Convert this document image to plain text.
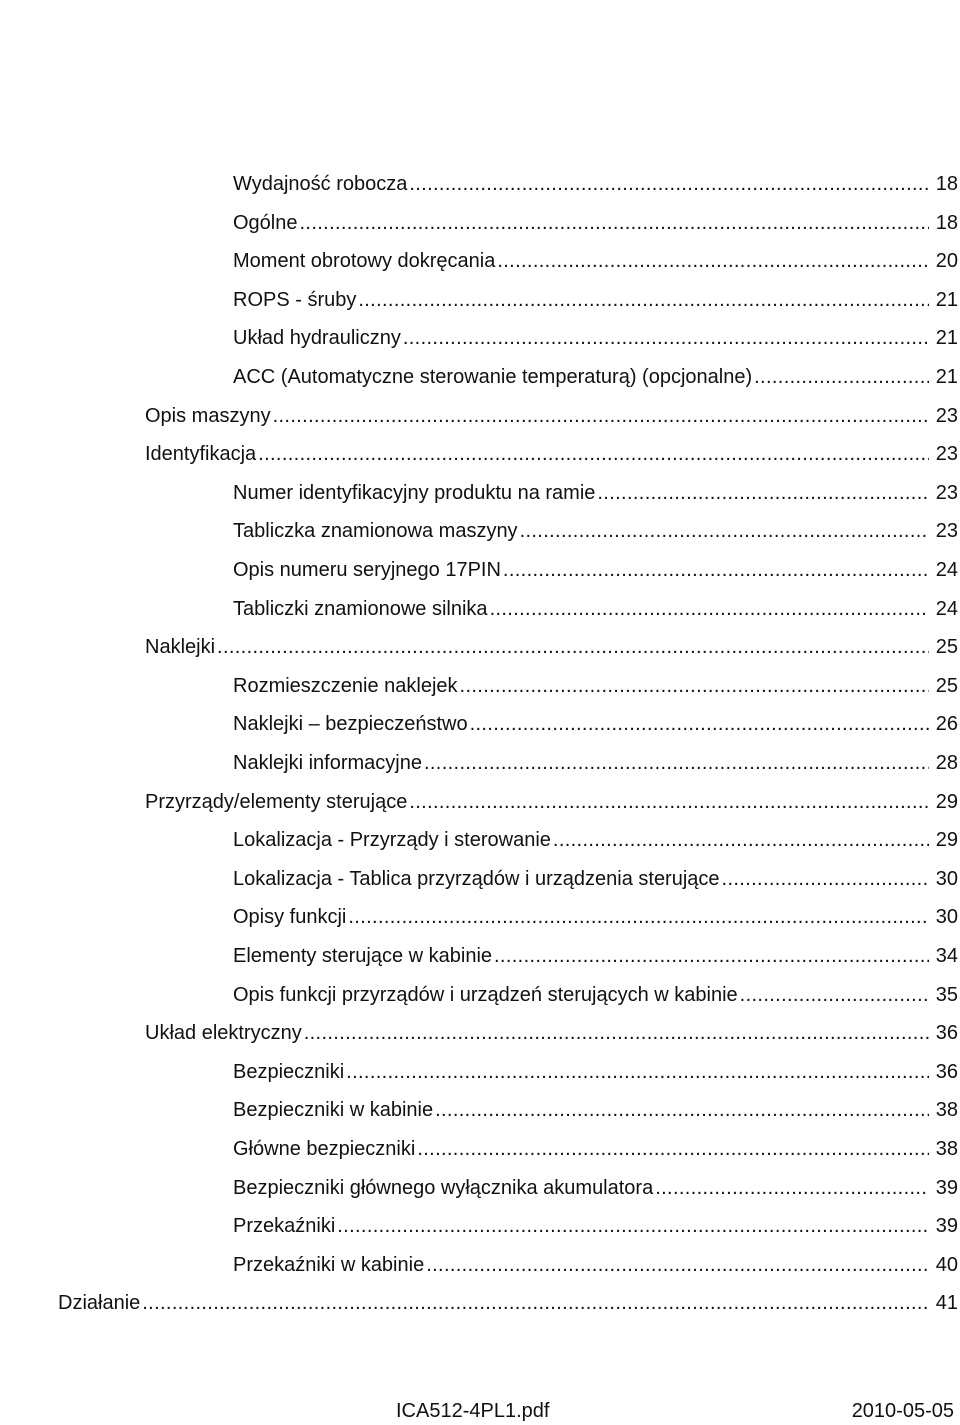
Wydajność robocza . . .	18
Ogólne . . .	18
Moment obrotowy dokręcania . . .	20
ROPS - śruby . . .	21
Układ hydrauliczny . . .	21
ACC (Automatyczne sterowanie temperaturą) (opcjonalne) . . .	21
Opis maszyny . . .	23
Identyfikacja . . .	23
Numer identyfikacyjny produktu na ramie . . .	23
Tabliczka znamionowa maszyny . . .	23
Opis numeru seryjnego 17PIN . . .	24
Tabliczki znamionowe silnika . . .	24
Naklejki . . .	25
Rozmieszczenie naklejek . . .	25
Naklejki – bezpieczeństwo . . .	26
Naklejki informacyjne . . .	28
Przyrządy/elementy sterujące . . .	29
Lokalizacja - Przyrządy i sterowanie . . .	29
Lokalizacja - Tablica przyrządów i urządzenia sterujące . . .	30
Opisy funkcji . . .	30
Elementy sterujące w kabinie . . .	34
Opis funkcji przyrządów i urządzeń sterujących w kabinie . . .	35
Układ elektryczny . . .	36
Bezpieczniki . . .	36
Bezpieczniki w kabinie . . .	38
Główne bezpieczniki . . .	38
Bezpieczniki głównego wyłącznika akumulatora . . .	39
Przekaźniki . . .	39
Przekaźniki w kabinie . . .	40
Działanie . . .	41
ICA512-4PL1.pdf	2010-05-05
